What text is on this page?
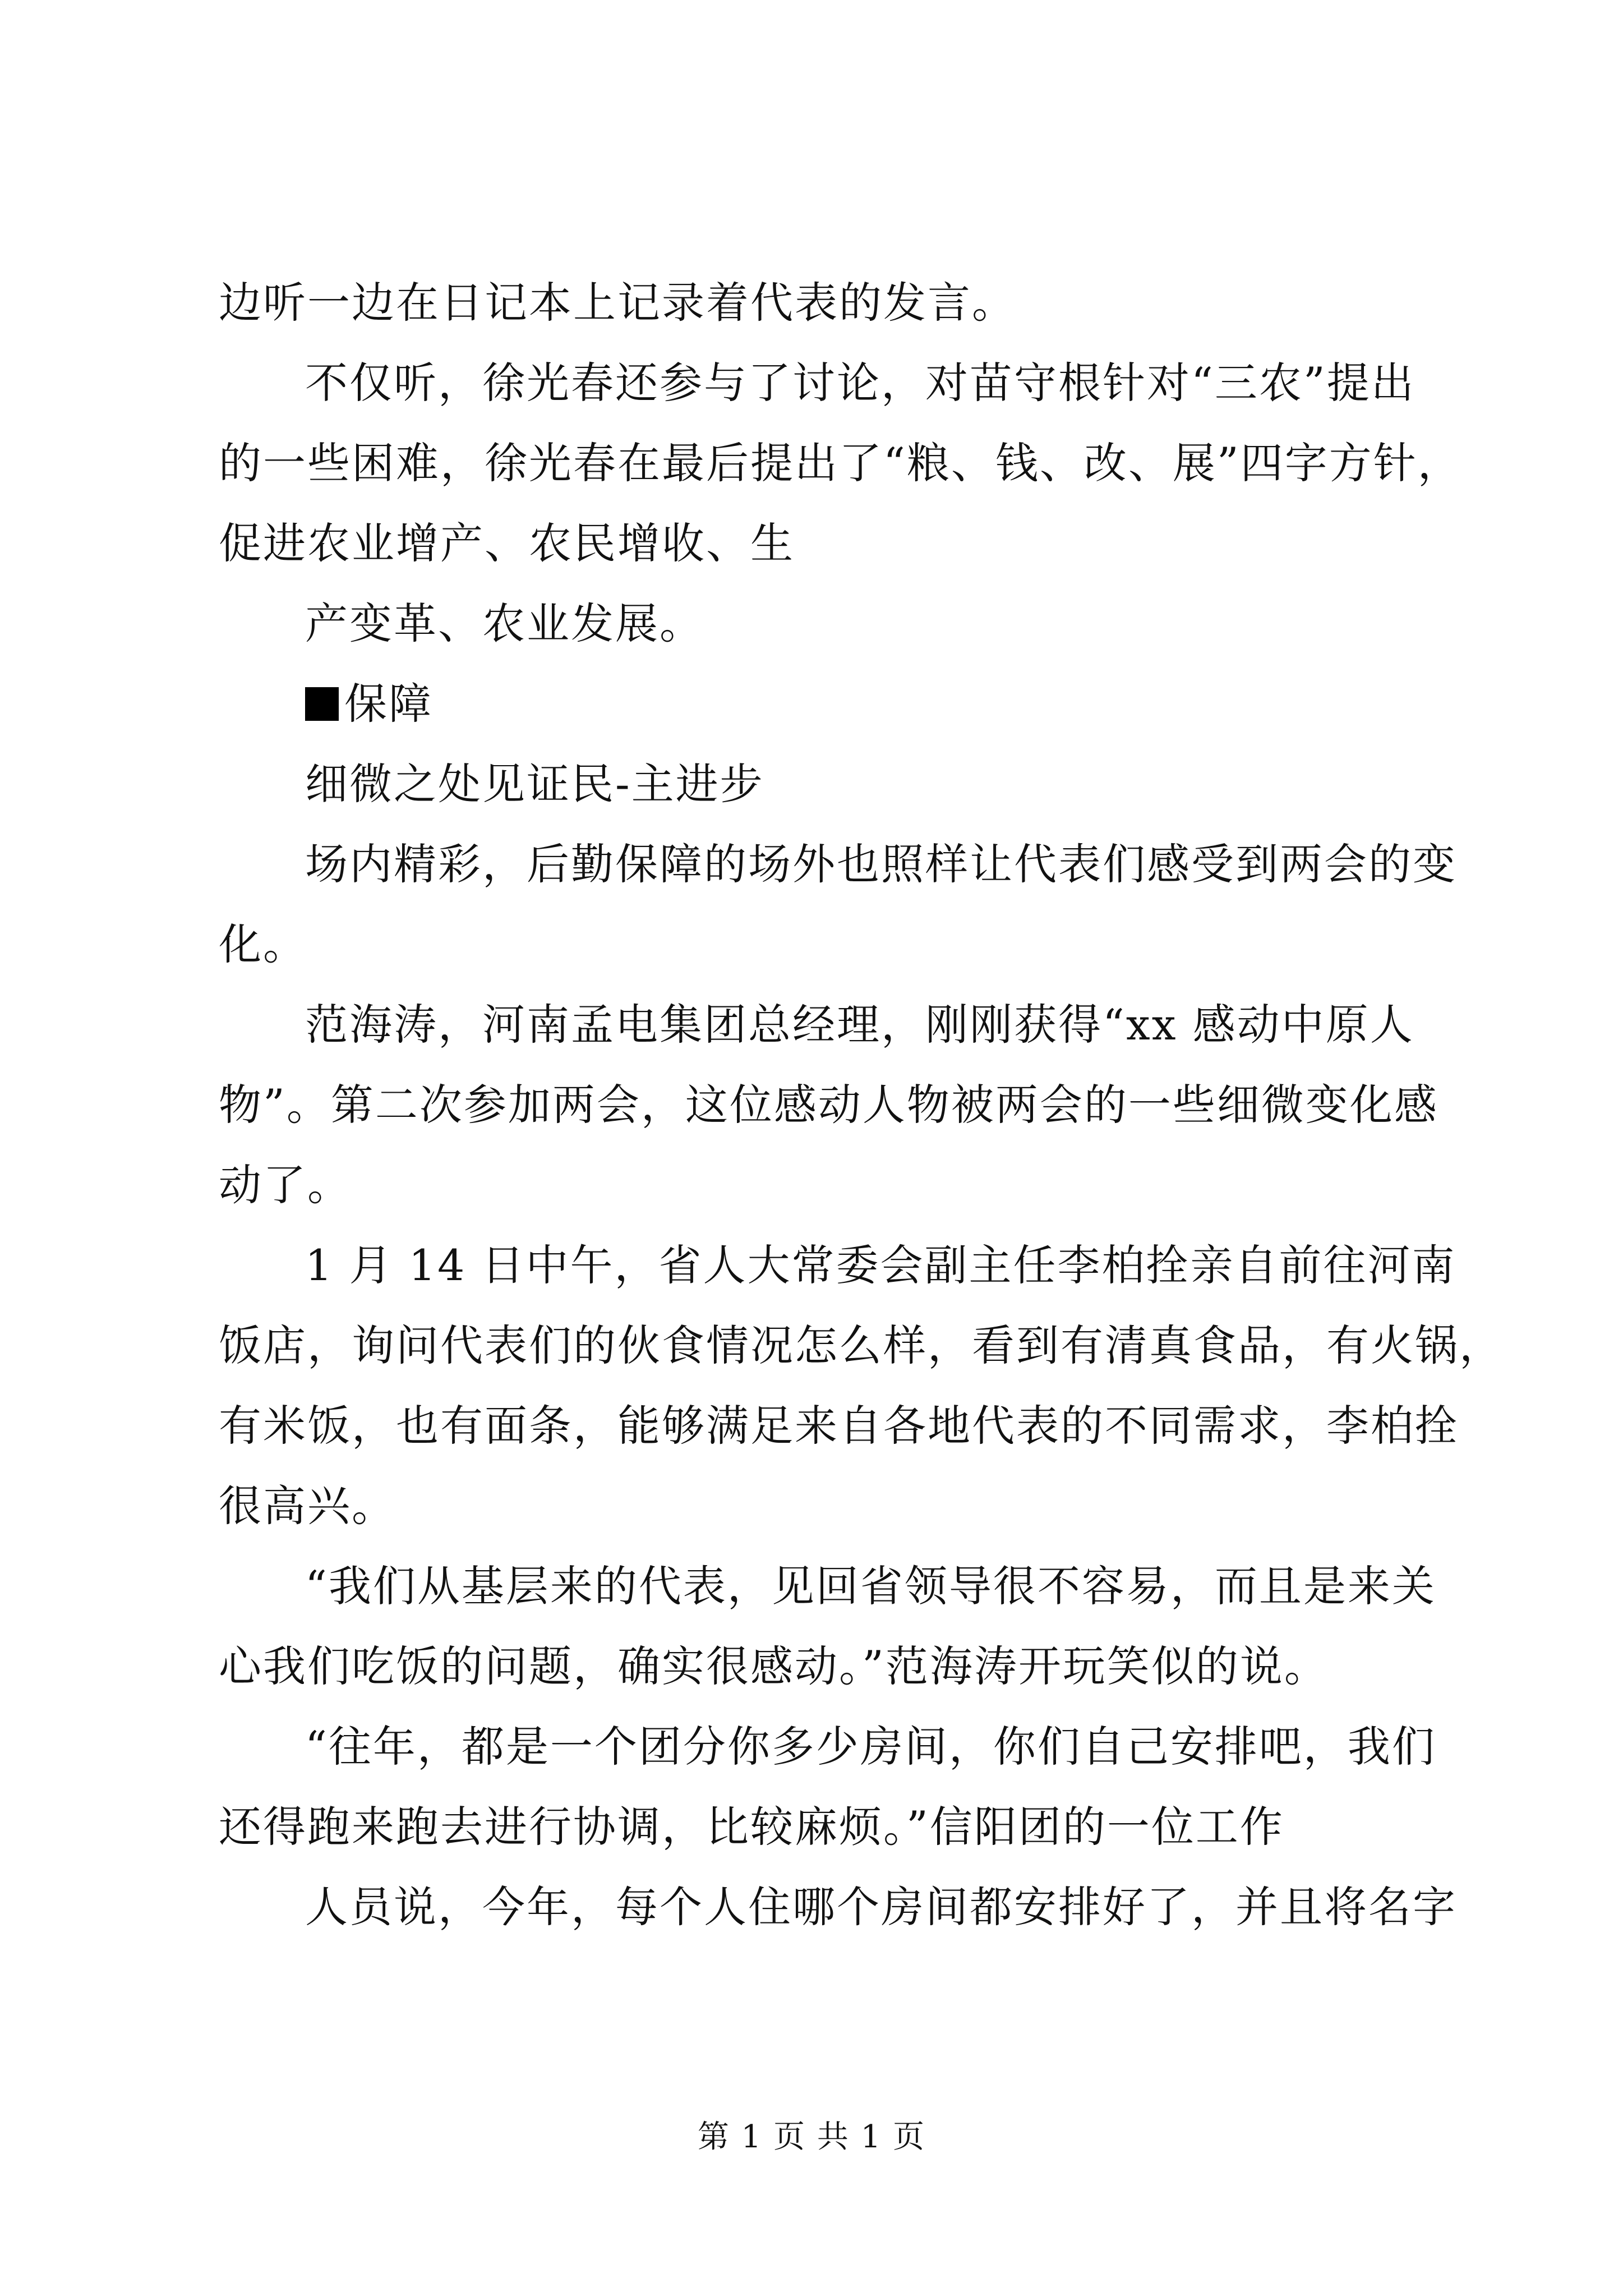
边听一边在日记本上记录着代表的发言。
不仅听，徐光春还参与了讨论，对苗守根针对“三农”提出
的一些困难，徐光春在最后提出了“粮、钱、改、展”四字方针，
促进农业增产、农民增收、生
产变革、农业发展。
保障
细微之处见证民-主进步
场内精彩，后勤保障的场外也照样让代表们感受到两会的变
化。
范海涛，河南孟电集团总经理，刚刚获得“xx 感动中原人
物”。第二次参加两会，这位感动人物被两会的一些细微变化感
动了。
1 月 14 日中午，省人大常委会副主任李柏拴亲自前往河南
饭店，询问代表们的伙食情况怎么样，看到有清真食品，有火锅，
有米饭，也有面条，能够满足来自各地代表的不同需求，李柏拴
很高兴。
“我们从基层来的代表，见回省领导很不容易，而且是来关
心我们吃饭的问题，确实很感动。”范海涛开玩笑似的说。
“往年，都是一个团分你多少房间，你们自己安排吧，我们
还得跑来跑去进行协调，比较麻烦。”信阳团的一位工作
人员说，今年，每个人住哪个房间都安排好了，并且将名字
第 1 页 共 1 页
